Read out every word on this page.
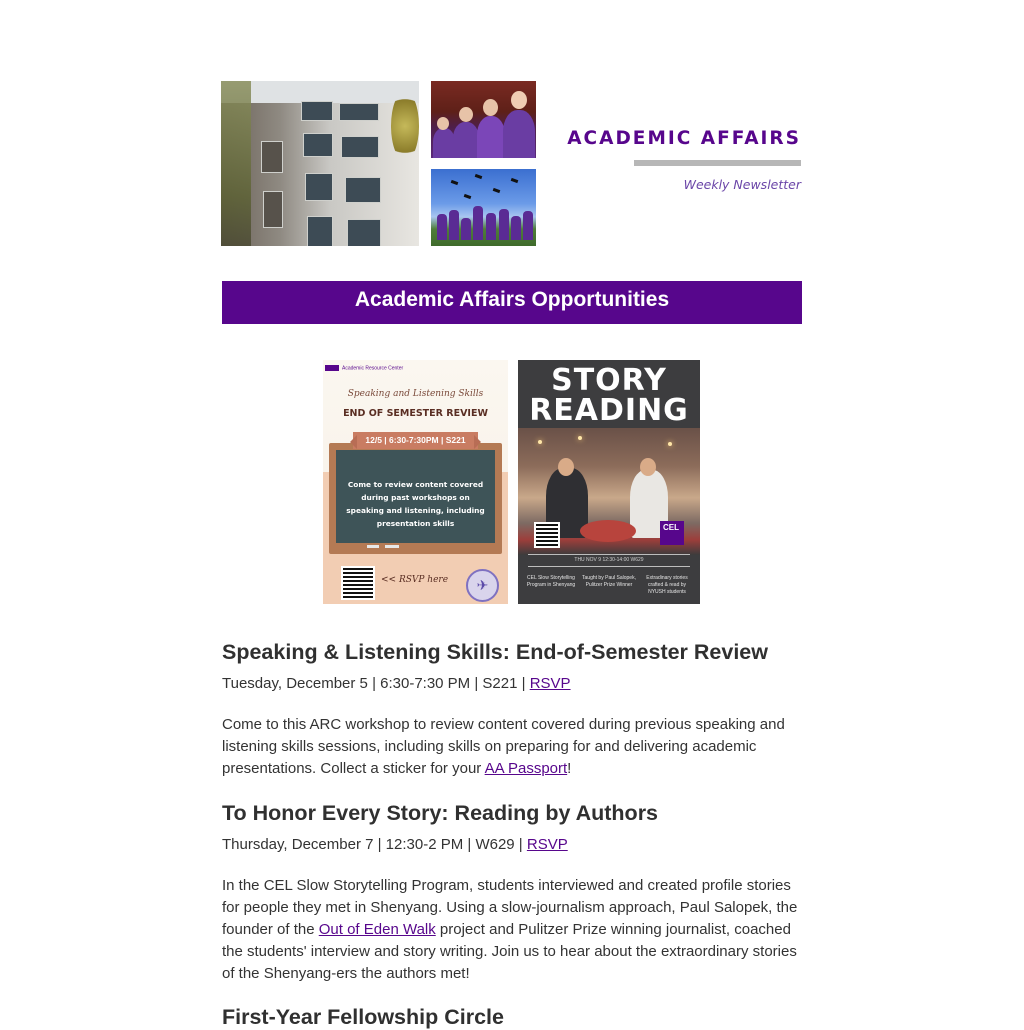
ACADEMIC AFFAIRS
Weekly Newsletter
Academic Affairs Opportunities
Academic Resource Center
Speaking and Listening Skills
END OF SEMESTER REVIEW
Come to review content covered during past workshops on speaking and listening, including presentation skills
12/5 | 6:30-7:30PM | S221
<< RSVP here	✈
STORY
READING
CEL
THU NOV 9 12:30-14:00 W629
CEL Slow Storytelling Program in Shenyang
Taught by Paul Salopek, Pulitzer Prize Winner
Extradinary stories crafted & read by NYUSH students
Speaking & Listening Skills: End-of-Semester Review
Tuesday, December 5 | 6:30-7:30 PM | S221 | RSVP
Come to this ARC workshop to review content covered during previous speaking and listening skills sessions, including skills on preparing for and delivering academic presentations. Collect a sticker for your AA Passport!
To Honor Every Story: Reading by Authors
Thursday, December 7 | 12:30-2 PM | W629 | RSVP
In the CEL Slow Storytelling Program, students interviewed and created profile stories for people they met in Shenyang. Using a slow-journalism approach, Paul Salopek, the founder of the Out of Eden Walk project and Pulitzer Prize winning journalist, coached the students' interview and story writing. Join us to hear about the extraordinary stories of the Shenyang-ers the authors met!
First-Year Fellowship Circle
